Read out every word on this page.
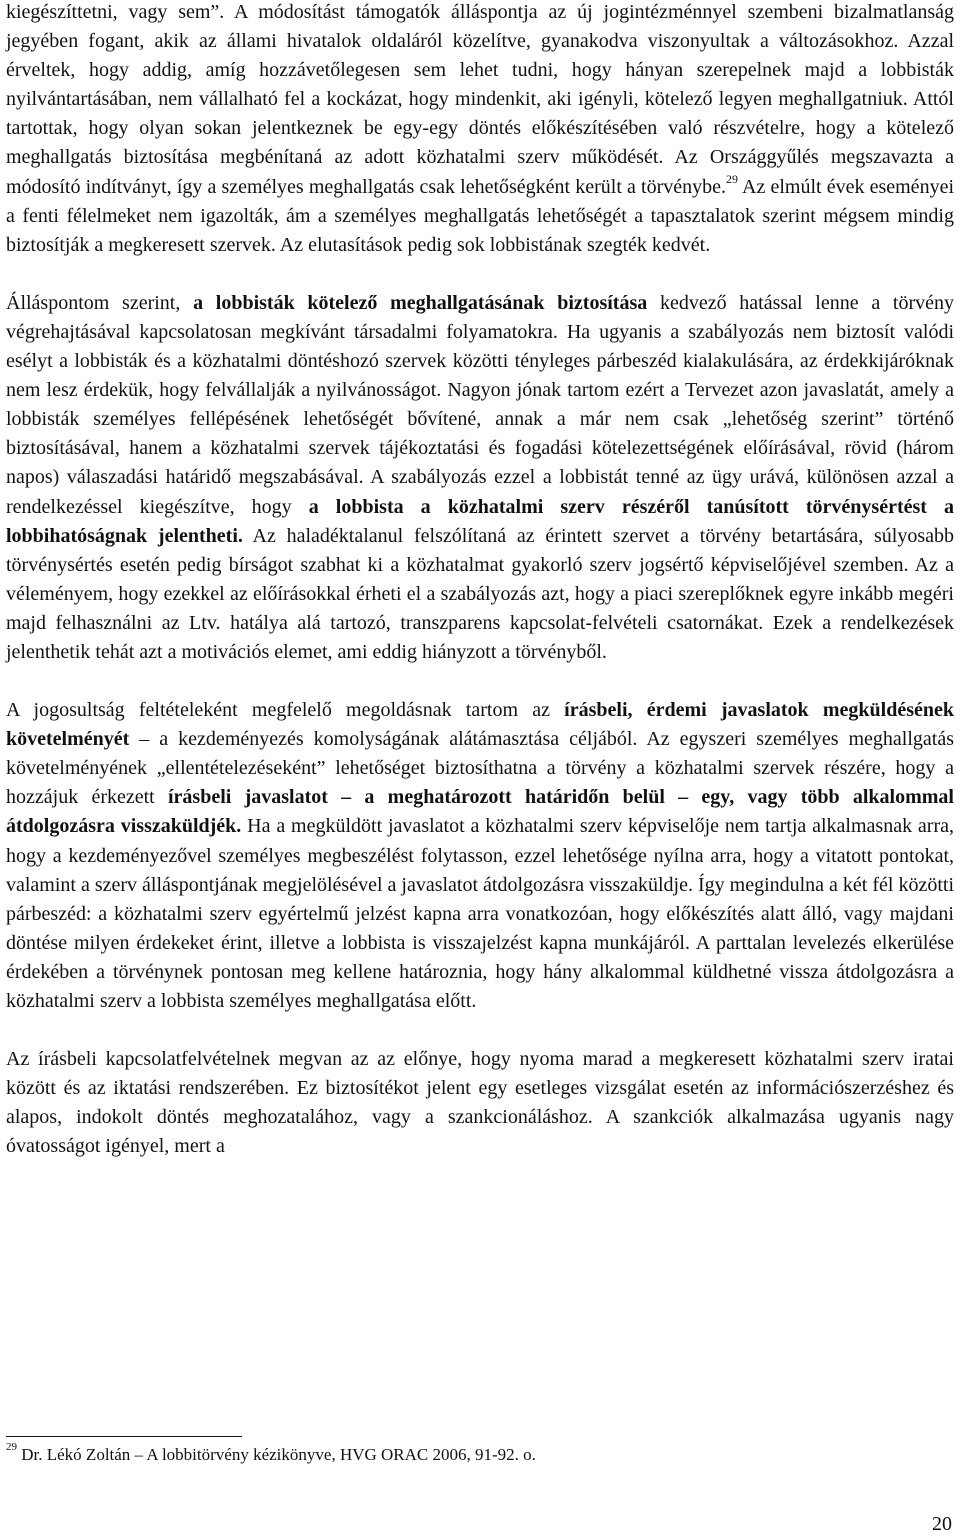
kiegészíttetni, vagy sem”. A módosítást támogatók álláspontja az új jogintézménnyel szembeni bizalmatlanság jegyében fogant, akik az állami hivatalok oldaláról közelítve, gyanakodva viszonyultak a változásokhoz. Azzal érveltek, hogy addig, amíg hozzávetőlegesen sem lehet tudni, hogy hányan szerepelnek majd a lobbisták nyilvántartásában, nem vállalható fel a kockázat, hogy mindenkit, aki igényli, kötelező legyen meghallgatniuk. Attól tartottak, hogy olyan sokan jelentkeznek be egy-egy döntés előkészítésében való részvételre, hogy a kötelező meghallgatás biztosítása megbénítaná az adott közhatalmi szerv működését. Az Országgyűlés megszavazta a módosító indítványt, így a személyes meghallgatás csak lehetőségként került a törvénybe.$^{29}$ Az elmúlt évek eseményei a fenti félelmeket nem igazolták, ám a személyes meghallgatás lehetőségét a tapasztalatok szerint mégsem mindig biztosítják a megkeresett szervek. Az elutasítások pedig sok lobbistának szegték kedvét.

Álláspontom szerint, a lobbisták kötelező meghallgatásának biztosítása kedvező hatással lenne a törvény végrehajtásával kapcsolatosan megkívánt társadalmi folyamatokra. Ha ugyanis a szabályozás nem biztosít valódi esélyt a lobbisták és a közhatalmi döntéshozó szervek közötti tényleges párbeszéd kialakulására, az érdekkijáróknak nem lesz érdekük, hogy felvállalják a nyilvánosságot. Nagyon jónak tartom ezért a Tervezet azon javaslatát, amely a lobbisták személyes fellépésének lehetőségét bővítené, annak a már nem csak „lehetőség szerint” történő biztosításával, hanem a közhatalmi szervek tájékoztatási és fogadási kötelezettségének előírásával, rövid (három napos) válaszadási határidő megszabásával. A szabályozás ezzel a lobbistát tenné az ügy urává, különösen azzal a rendelkezéssel kiegészítve, hogy a lobbista a közhatalmi szerv részéről tanúsított törvénysértést a lobbihatóságnak jelentheti. Az haladéktalanul felszólítaná az érintett szervet a törvény betartására, súlyosabb törvénysértés esetén pedig bírságot szabhat ki a közhatalmat gyakorló szerv jogsértő képviselőjével szemben. Az a véleményem, hogy ezekkel az előírásokkal érheti el a szabályozás azt, hogy a piaci szereplőknek egyre inkább megéri majd felhasználni az Ltv. hatálya alá tartozó, transzparens kapcsolat-felvételi csatornákat. Ezek a rendelkezések jelenthetik tehát azt a motivációs elemet, ami eddig hiányzott a törvényből.

A jogosultság feltételeként megfelelő megoldásnak tartom az írásbeli, érdemi javaslatok megküldésének követelményét – a kezdeményezés komolyságának alátámasztása céljából. Az egyszeri személyes meghallgatás követelményének „ellentételezéseként” lehetőséget biztosíthatna a törvény a közhatalmi szervek részére, hogy a hozzájuk érkezett írásbeli javaslatot – a meghatározott határidőn belül – egy, vagy több alkalommal átdolgozásra visszaküldjék. Ha a megküldött javaslatot a közhatalmi szerv képviselője nem tartja alkalmasnak arra, hogy a kezdeményezővel személyes megbeszélést folytasson, ezzel lehetősége nyílna arra, hogy a vitatott pontokat, valamint a szerv álláspontjának megjelölésével a javaslatot átdolgozásra visszaküldje. Így megindulna a két fél közötti párbeszéd: a közhatalmi szerv egyértelmű jelzést kapna arra vonatkozóan, hogy előkészítés alatt álló, vagy majdani döntése milyen érdekeket érint, illetve a lobbista is visszajelzést kapna munkájáról. A parttalan levelezés elkerülése érdekében a törvénynek pontosan meg kellene határoznia, hogy hány alkalommal küldhetné vissza átdolgozásra a közhatalmi szerv a lobbista személyes meghallgatása előtt.

Az írásbeli kapcsolatfelvételnek megvan az az előnye, hogy nyoma marad a megkeresett közhatalmi szerv iratai között és az iktatási rendszerében. Ez biztosítékot jelent egy esetleges vizsgálat esetén az információszerzéshez és alapos, indokolt döntés meghozatalához, vagy a szankcionáláshoz. A szankciók alkalmazása ugyanis nagy óvatosságot igényel, mert a

$^{29}$ Dr. Lékó Zoltán – A lobbitörvény kézikönyve, HVG ORAC 2006, 91-92. o.

20
